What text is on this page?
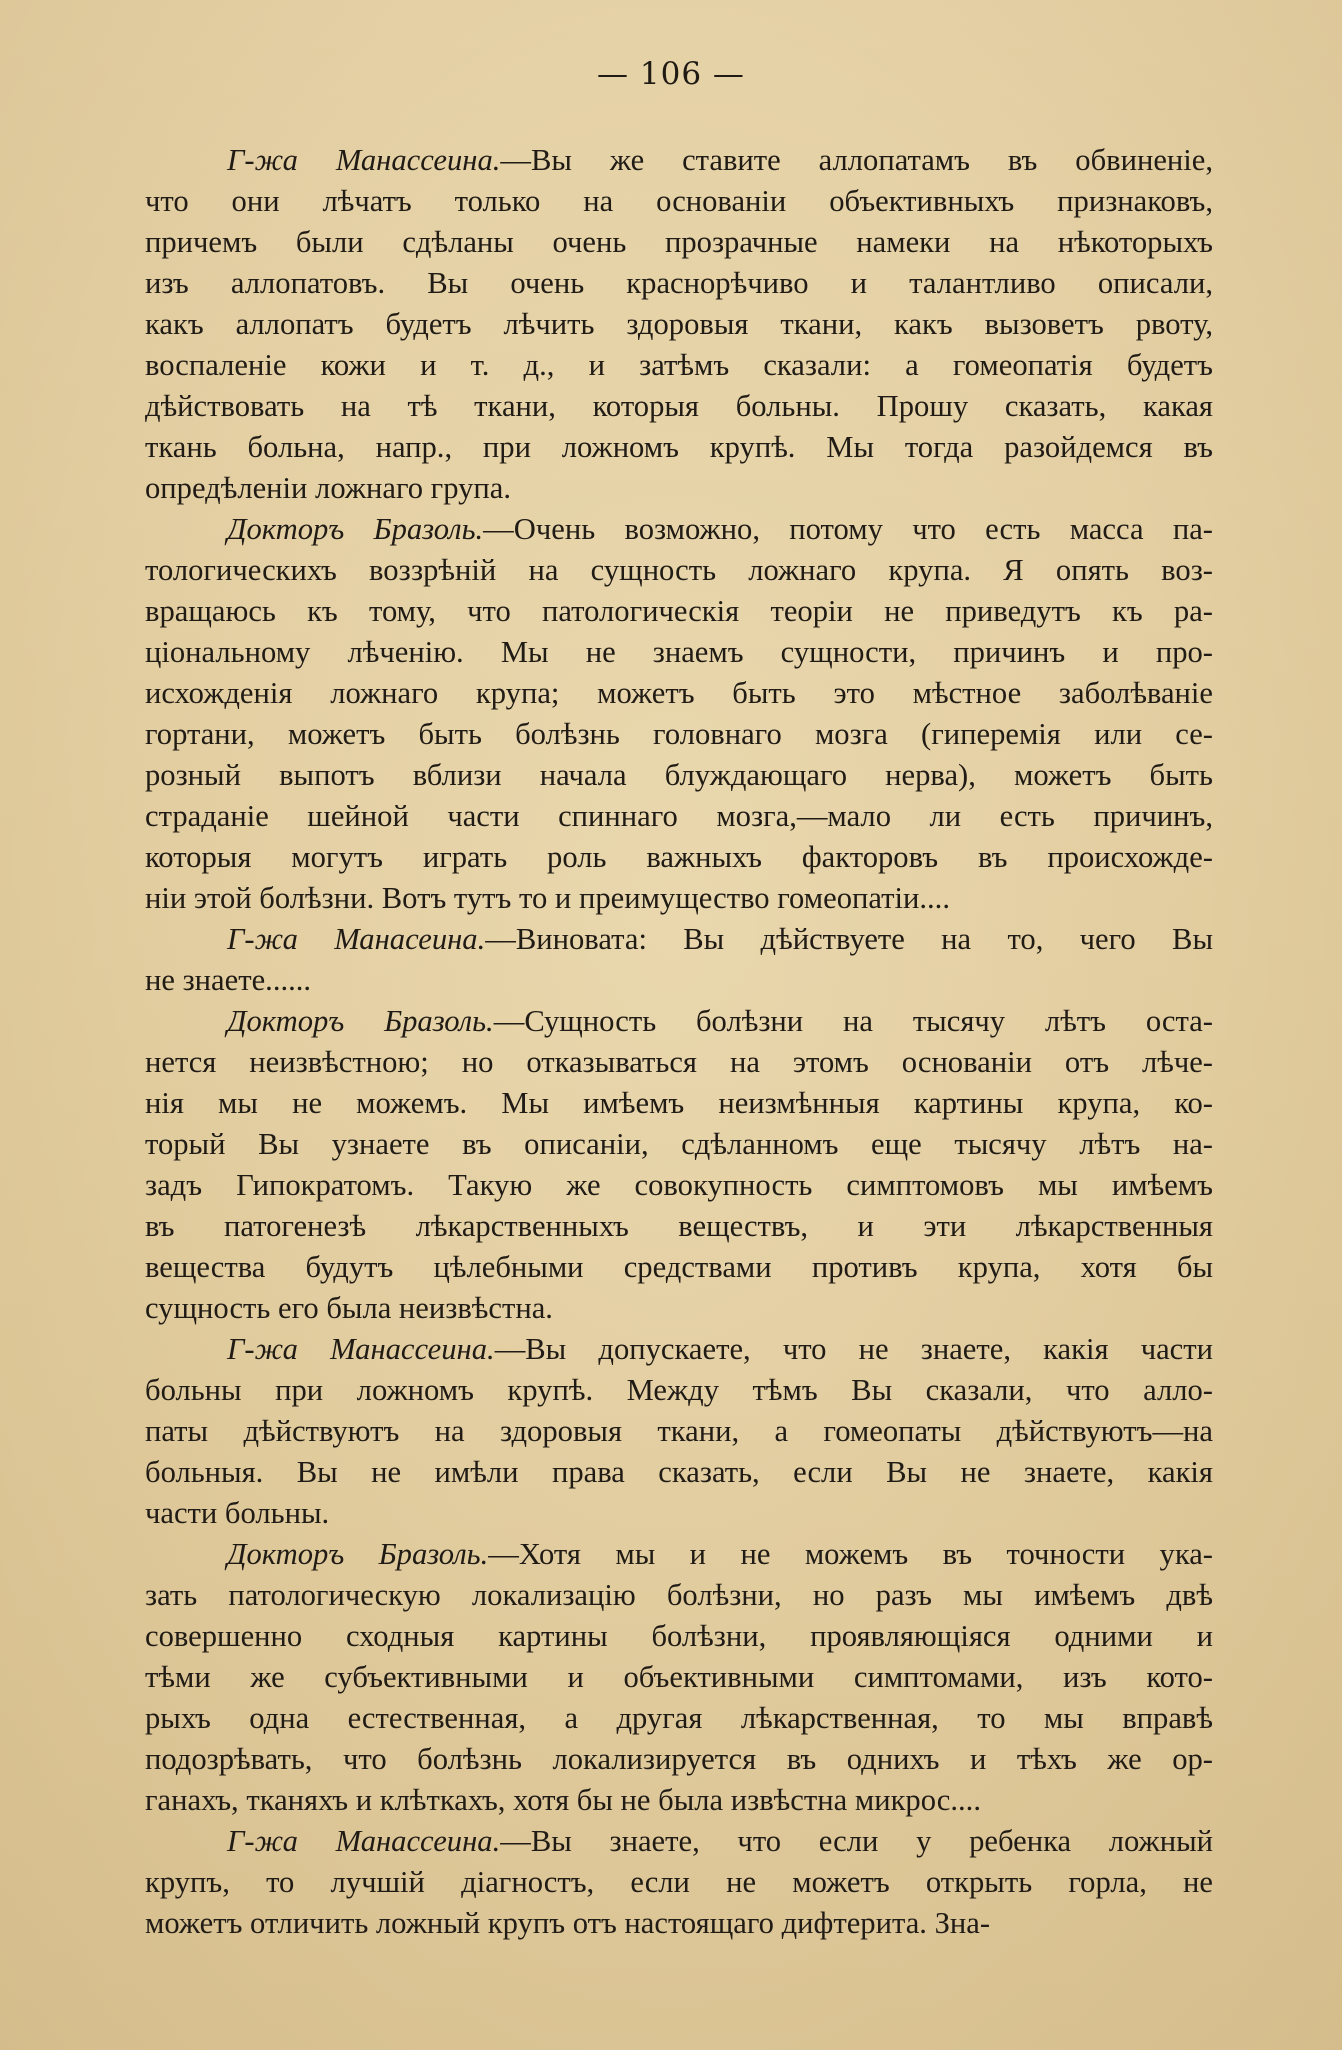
— 106 —
Г-жа Манассеина.—Вы же ставите аллопатамъ въ обвиненіе,
что они лѣчатъ только на основаніи объективныхъ признаковъ,
причемъ были сдѣланы очень прозрачные намеки на нѣкоторыхъ
изъ аллопатовъ. Вы очень краснорѣчиво и талантливо описали,
какъ аллопатъ будетъ лѣчить здоровыя ткани, какъ вызоветъ рвоту,
воспаленіе кожи и т. д., и затѣмъ сказали: а гомеопатія будетъ
дѣйствовать на тѣ ткани, которыя больны. Прошу сказать, какая
ткань больна, напр., при ложномъ крупѣ. Мы тогда разойдемся въ
опредѣленіи ложнаго група.
Докторъ Бразоль.—Очень возможно, потому что есть масса па-
тологическихъ воззрѣній на сущность ложнаго крупа. Я опять воз-
вращаюсь къ тому, что патологическія теоріи не приведутъ къ ра-
ціональному лѣченію. Мы не знаемъ сущности, причинъ и про-
исхожденія ложнаго крупа; можетъ быть это мѣстное заболѣваніе
гортани, можетъ быть болѣзнь головнаго мозга (гиперемія или се-
розный выпотъ вблизи начала блуждающаго нерва), можетъ быть
страданіе шейной части спиннаго мозга,—мало ли есть причинъ,
которыя могутъ играть роль важныхъ факторовъ въ происхожде-
ніи этой болѣзни. Вотъ тутъ то и преимущество гомеопатіи....
Г-жа Манасеина.—Виновата: Вы дѣйствуете на то, чего Вы
не знаете......
Докторъ Бразоль.—Сущность болѣзни на тысячу лѣтъ оста-
нется неизвѣстною; но отказываться на этомъ основаніи отъ лѣче-
нія мы не можемъ. Мы имѣемъ неизмѣнныя картины крупа, ко-
торый Вы узнаете въ описаніи, сдѣланномъ еще тысячу лѣтъ на-
задъ Гипократомъ. Такую же совокупность симптомовъ мы имѣемъ
въ патогенезѣ лѣкарственныхъ веществъ, и эти лѣкарственныя
вещества будутъ цѣлебными средствами противъ крупа, хотя бы
сущность его была неизвѣстна.
Г-жа Манассеина.—Вы допускаете, что не знаете, какія части
больны при ложномъ крупѣ. Между тѣмъ Вы сказали, что алло-
паты дѣйствуютъ на здоровыя ткани, а гомеопаты дѣйствуютъ—на
больныя. Вы не имѣли права сказать, если Вы не знаете, какія
части больны.
Докторъ Бразоль.—Хотя мы и не можемъ въ точности ука-
зать патологическую локализацію болѣзни, но разъ мы имѣемъ двѣ
совершенно сходныя картины болѣзни, проявляющіяся одними и
тѣми же субъективными и объективными симптомами, изъ кото-
рыхъ одна естественная, а другая лѣкарственная, то мы вправѣ
подозрѣвать, что болѣзнь локализируется въ однихъ и тѣхъ же ор-
ганахъ, тканяхъ и клѣткахъ, хотя бы не была извѣстна микрос....
Г-жа Манассеина.—Вы знаете, что если у ребенка ложный
крупъ, то лучшій діагностъ, если не можетъ открыть горла, не
можетъ отличить ложный крупъ отъ настоящаго дифтерита. Зна-
